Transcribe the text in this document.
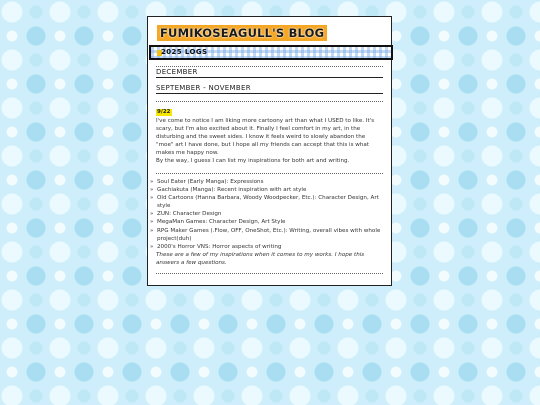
FUMIKOSEAGULL'S BLOG
2025 LOGS
DECEMBER
SEPTEMBER - NOVEMBER
9/22

I've come to notice I am liking more cartoony art than what I USED to like. It's scary, but I'm also excited about it. Finally I feel comfort in my art, in the disturbing and the sweet sides. I know it feels weird to slowly abandon the "moe" art I have done, but I hope all my friends can accept that this is what makes me happy now.

By the way, I guess I can list my inspirations for both art and writing.

» Soul Eater (Early Manga): Expressions
» Gachiakuta (Manga): Recent inspiration with art style
» Old Cartoons (Hanna Barbara, Woody Woodpecker, Etc.): Character Design, Art style
» ZUN: Character Design
» MegaMan Games: Character Design, Art Style
» RPG Maker Games (.Flow, OFF, OneShot, Etc.): Writing, overall vibes with whole project(duh)
» 2000's Horror VNS: Horror aspects of writing
These are a few of my inspirations when it comes to my works. I hope this answers a few questions.
